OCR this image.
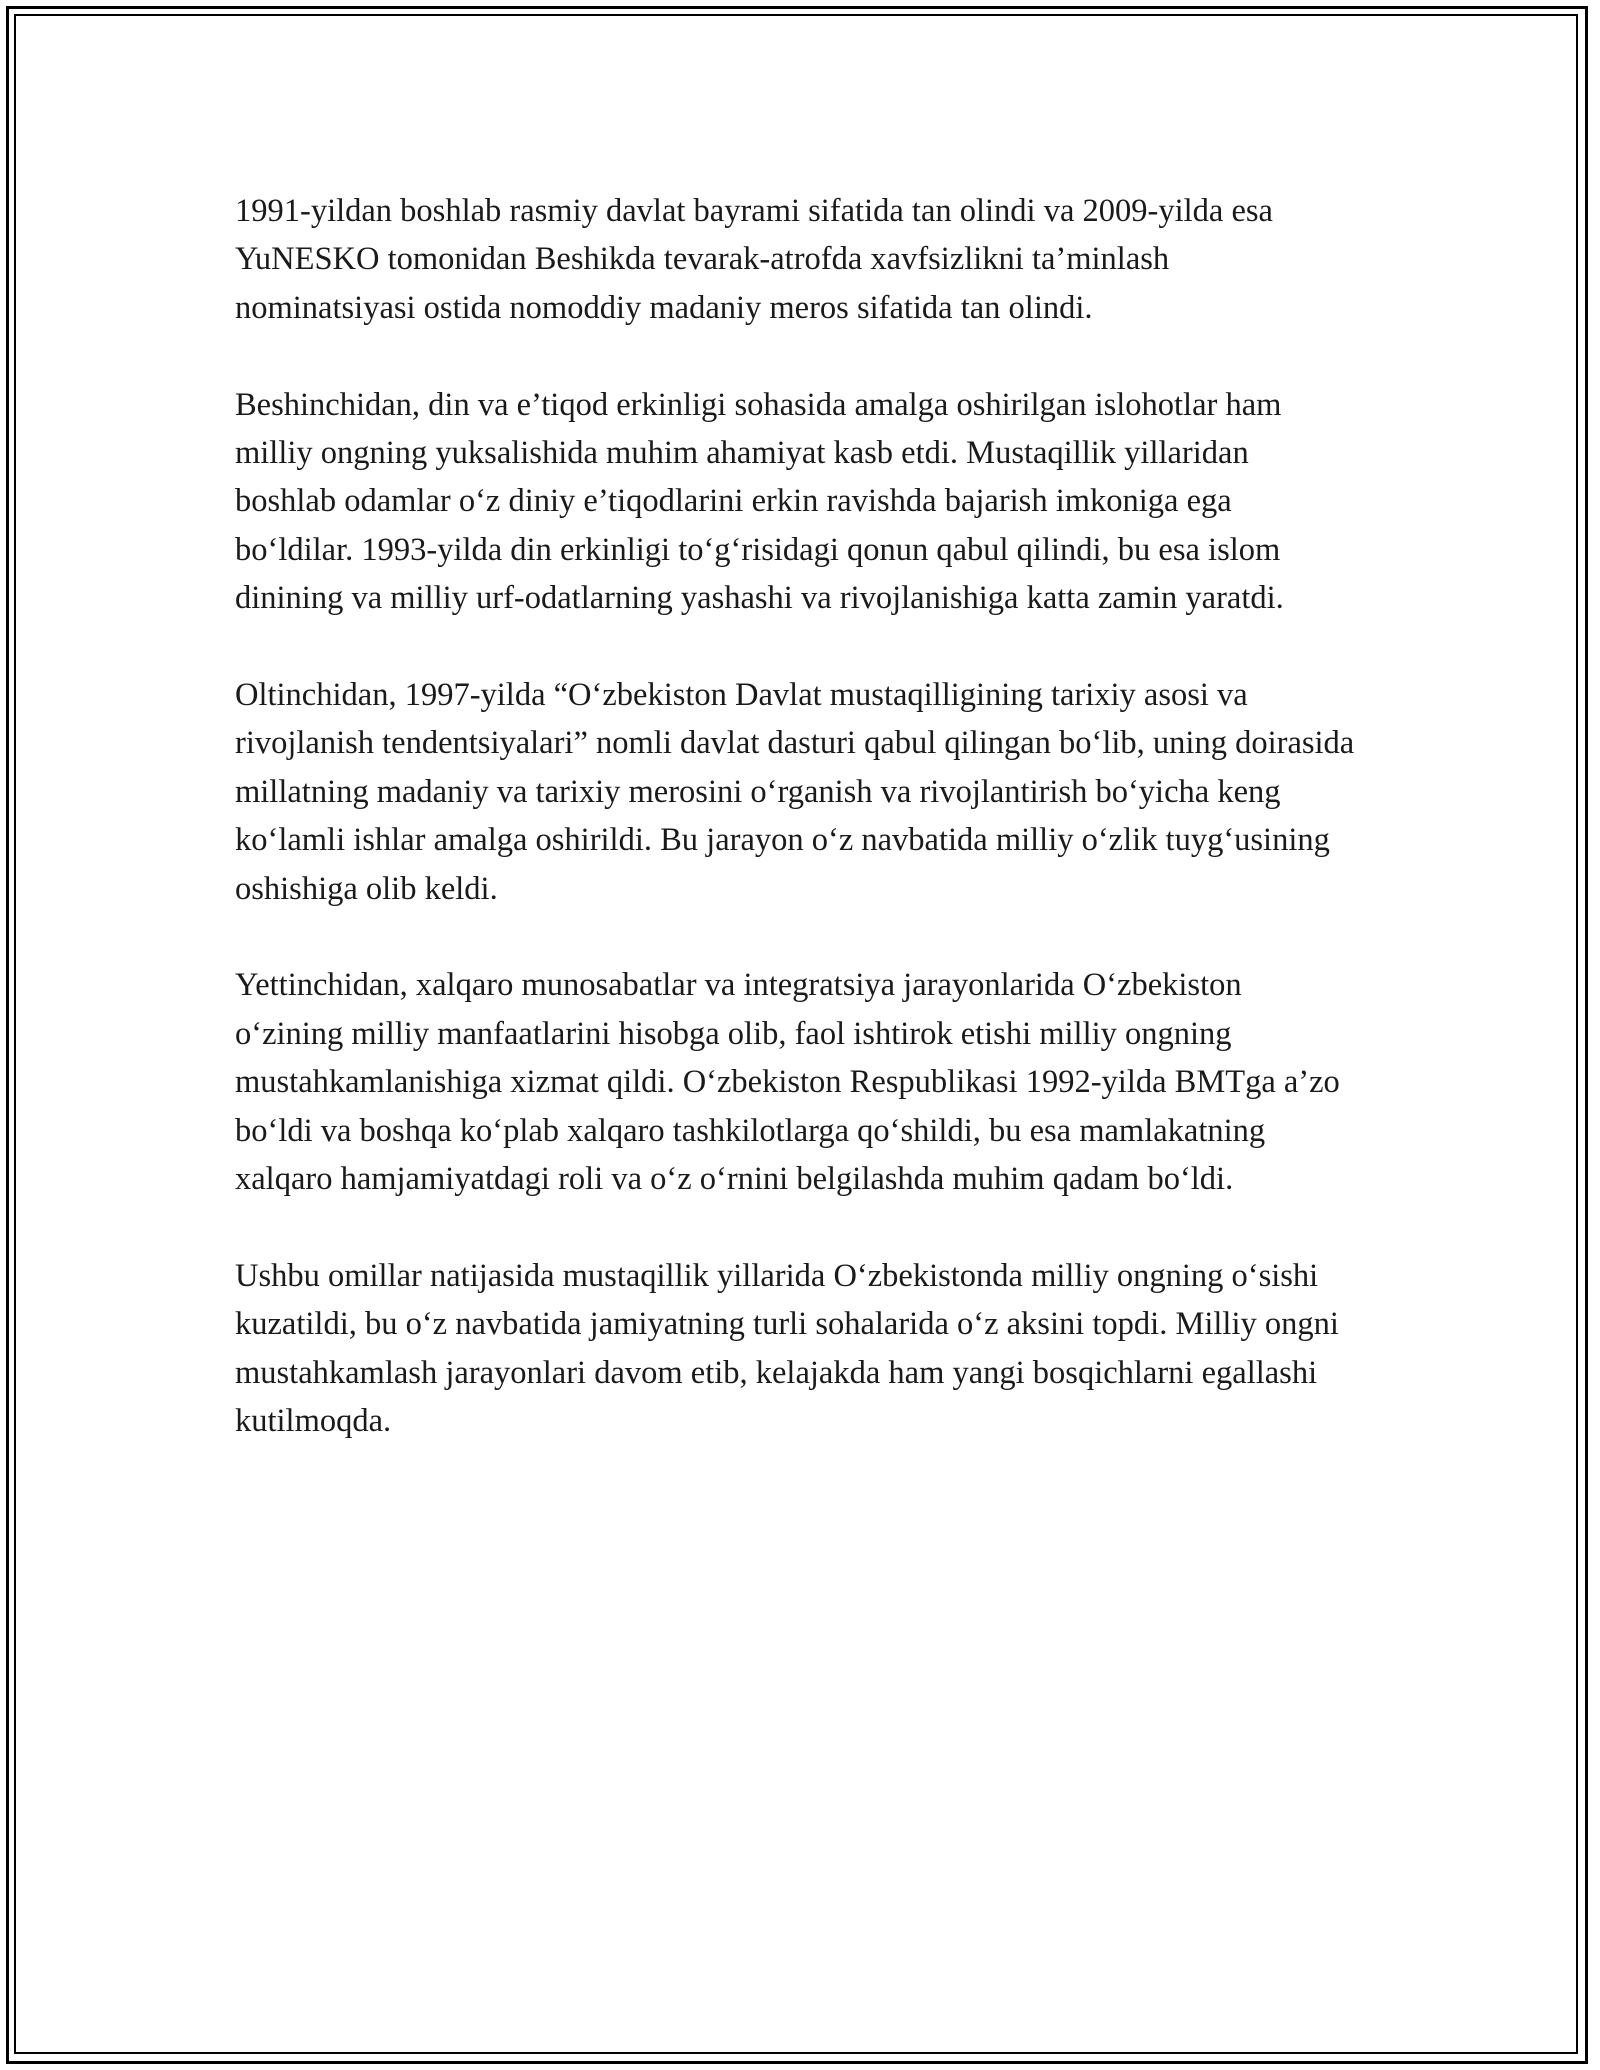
1991-yildan boshlab rasmiy davlat bayrami sifatida tan olindi va 2009-yilda esa YuNESKO tomonidan Beshikda tevarak-atrofda xavfsizlikni ta’minlash nominatsiyasi ostida nomoddiy madaniy meros sifatida tan olindi.

Beshinchidan, din va e’tiqod erkinligi sohasida amalga oshirilgan islohotlar ham milliy ongning yuksalishida muhim ahamiyat kasb etdi. Mustaqillik yillaridan boshlab odamlar o‘z diniy e’tiqodlarini erkin ravishda bajarish imkoniga ega bo‘ldilar. 1993-yilda din erkinligi to‘g‘risidagi qonun qabul qilindi, bu esa islom dinining va milliy urf-odatlarning yashashi va rivojlanishiga katta zamin yaratdi.

Oltinchidan, 1997-yilda “O‘zbekiston Davlat mustaqilligining tarixiy asosi va rivojlanish tendentsiyalari” nomli davlat dasturi qabul qilingan bo‘lib, uning doirasida millatning madaniy va tarixiy merosini o‘rganish va rivojlantirish bo‘yicha keng ko‘lamli ishlar amalga oshirildi. Bu jarayon o‘z navbatida milliy o‘zlik tuyg‘usining oshishiga olib keldi.

Yettinchidan, xalqaro munosabatlar va integratsiya jarayonlarida O‘zbekiston o‘zining milliy manfaatlarini hisobga olib, faol ishtirok etishi milliy ongning mustahkamlanishiga xizmat qildi. O‘zbekiston Respublikasi 1992-yilda BMTga a’zo bo‘ldi va boshqa ko‘plab xalqaro tashkilotlarga qo‘shildi, bu esa mamlakatning xalqaro hamjamiyatdagi roli va o‘z o‘rnini belgilashda muhim qadam bo‘ldi.

Ushbu omillar natijasida mustaqillik yillarida O‘zbekistonda milliy ongning o‘sishi kuzatildi, bu o‘z navbatida jamiyatning turli sohalarida o‘z aksini topdi. Milliy ongni mustahkamlash jarayonlari davom etib, kelajakda ham yangi bosqichlarni egallashi kutilmoqda.
